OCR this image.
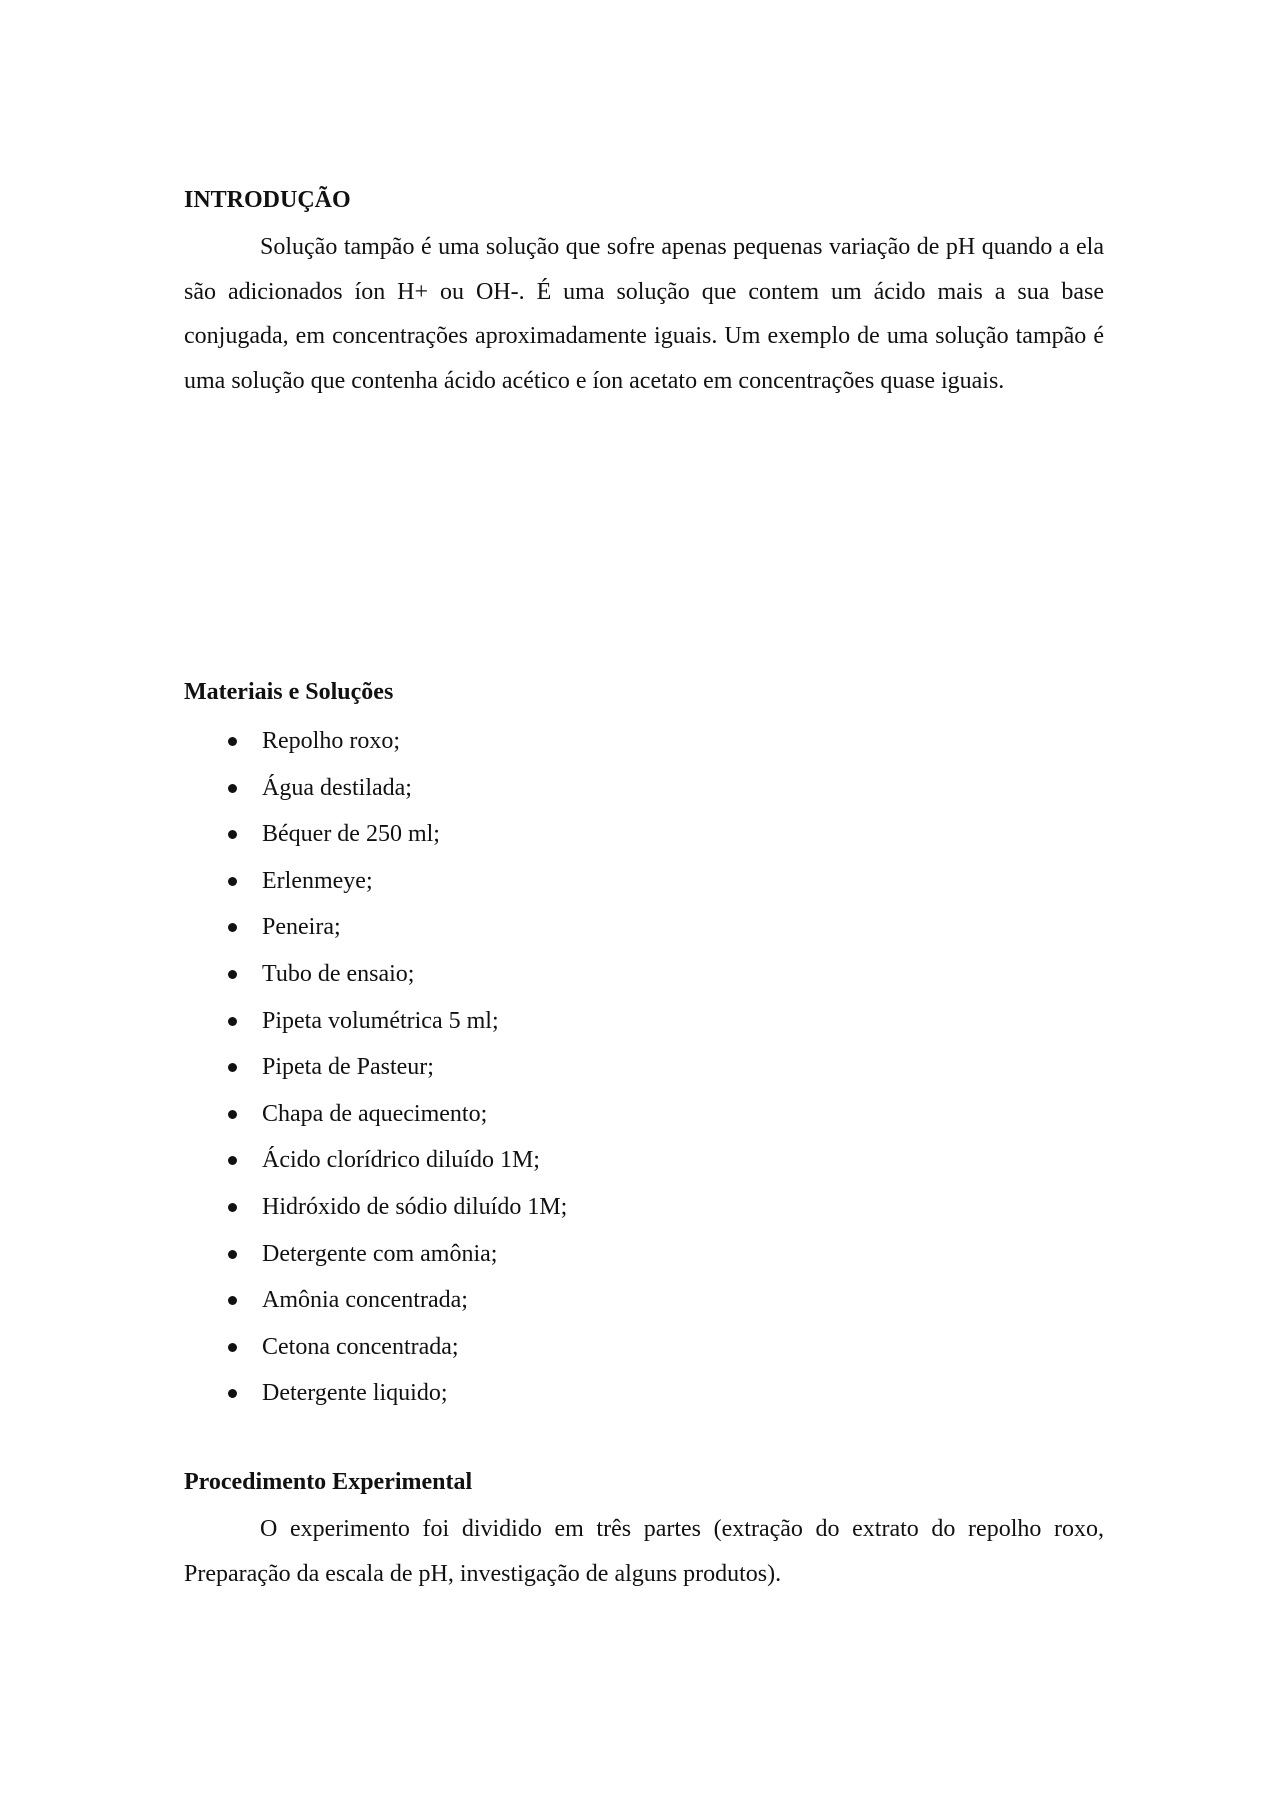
INTRODUÇÃO

Solução tampão é uma solução que sofre apenas pequenas variação de pH quando a ela são adicionados íon H+ ou OH-. É uma solução que contem um ácido mais a sua base conjugada, em concentrações aproximadamente iguais. Um exemplo de uma solução tampão é uma solução que contenha ácido acético e íon acetato em concentrações quase iguais.

Materiais e Soluções
Repolho roxo;
Água destilada;
Béquer de 250 ml;
Erlenmeye;
Peneira;
Tubo de ensaio;
Pipeta volumétrica 5 ml;
Pipeta de Pasteur;
Chapa de aquecimento;
Ácido clorídrico diluído 1M;
Hidróxido de sódio diluído 1M;
Detergente com amônia;
Amônia concentrada;
Cetona concentrada;
Detergente liquido;
Procedimento Experimental

O experimento foi dividido em três partes (extração do extrato do repolho roxo, Preparação da escala de pH, investigação de alguns produtos).
